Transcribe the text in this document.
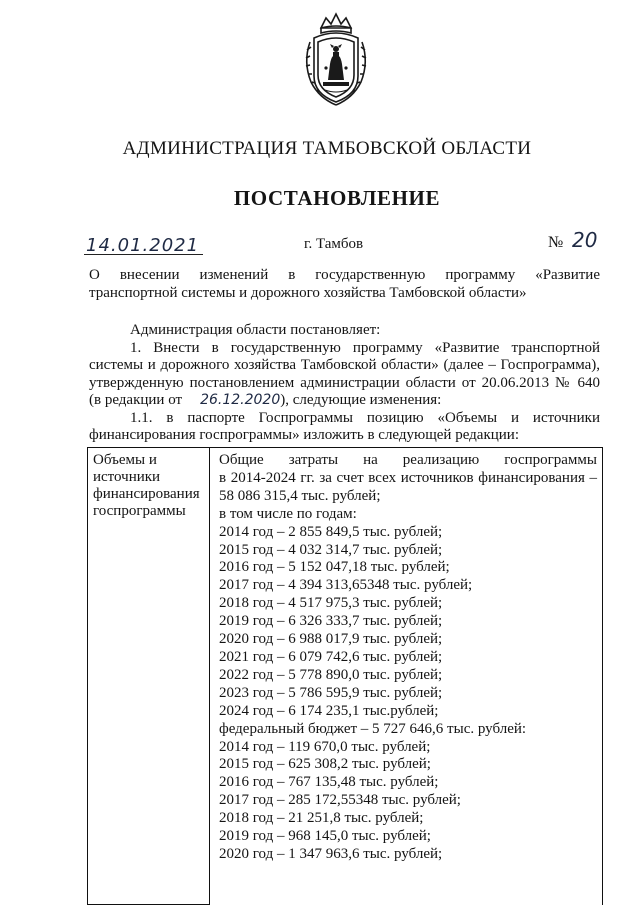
АДМИНИСТРАЦИЯ ТАМБОВСКОЙ ОБЛАСТИ
ПОСТАНОВЛЕНИЕ
14.01.2021	г. Тамбов	№ 20
О внесении изменений в государственную программу «Развитие
транспортной системы и дорожного хозяйства Тамбовской области»

Администрация области постановляет:

1. Внести в государственную программу «Развитие транспортной
системы и дорожного хозяйства Тамбовской области» (далее – Госпрограмма),
утвержденную постановлением администрации области от 20.06.2013 № 640
(в редакции от 26.12.2020), следующие изменения:

1.1. в паспорте Госпрограммы позицию «Объемы и источники
финансирования госпрограммы» изложить в следующей редакции:

Объемы и
источники
финансирования
госпрограммы

Общие затраты на реализацию госпрограммы
в 2014-2024 гг. за счет всех источников финансирования –
58 086 315,4 тыс. рублей;
в том числе по годам:
2014 год – 2 855 849,5 тыс. рублей;
2015 год – 4 032 314,7 тыс. рублей;
2016 год – 5 152 047,18 тыс. рублей;
2017 год – 4 394 313,65348 тыс. рублей;
2018 год – 4 517 975,3 тыс. рублей;
2019 год – 6 326 333,7 тыс. рублей;
2020 год – 6 988 017,9 тыс. рублей;
2021 год – 6 079 742,6 тыс. рублей;
2022 год – 5 778 890,0 тыс. рублей;
2023 год – 5 786 595,9 тыс. рублей;
2024 год – 6 174 235,1 тыс.рублей;
федеральный бюджет – 5 727 646,6 тыс. рублей:
2014 год – 119 670,0 тыс. рублей;
2015 год – 625 308,2 тыс. рублей;
2016 год – 767 135,48 тыс. рублей;
2017 год – 285 172,55348 тыс. рублей;
2018 год – 21 251,8 тыс. рублей;
2019 год – 968 145,0 тыс. рублей;
2020 год – 1 347 963,6 тыс. рублей;
